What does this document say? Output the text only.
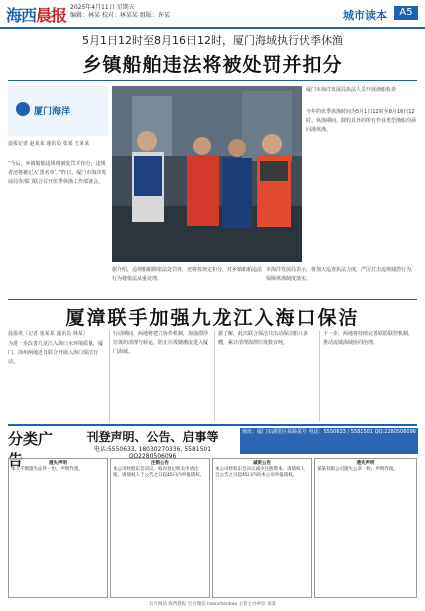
海西晨报 2025年4月11日 星期五
编辑：林某 校对：林某某 组版：许某	城市读本	A5
5月1日12时至8月16日12时，厦门海域执行伏季休渔
乡镇船舶违法将被处罚并扣分
厦门海洋
晨报记者 赵某某 通讯员 张某 王某某
“今后，乡镇船舶违规将被处罚并扣分，违规者还将被记入‘黑名单’。”昨日，厦门市海洋发展局等部门联合召开伏季休渔工作部署会。
厦门市海洋发展局执法人员开展渔船检查
今年的伏季休渔时间为5月1日12时至8月16日12时。休渔期间，除钓具外的所有作业类型渔船均须回港休渔。
据介绍，违规船舶除依法处罚外，还将按规定扣分，对乡镇船舶违法行为将依法从重处理。
市海洋发展局表示，将加大巡查执法力度，严厉打击违规捕捞行为，保障休渔制度落实。
厦漳联手加强九龙江入海口保洁
晨报讯（记者 张某某 通讯员 林某）
为进一步改善九龙江入海口水环境质量，厦门、漳州两地近日联合开展入海口保洁行动。
行动期间，两地将建立协作机制，加强漂浮垃圾的清理与转运，防止垃圾随潮流进入厦门海域。
据了解，此次联合保洁共出动保洁船只多艘，累计清理海漂垃圾数百吨。
下一步，两地将持续完善联防联控机制，推动流域海域协同治理。
分类广告
刊登声明、公告、启事等
电话:5550633, 18030270336, 5581501 QQ2280506096
地址：厦门市湖里区某路某号 电话：5550633 / 5581501 QQ:2280506096
遗失声明
本人不慎遗失证件一份，声明作废。
注销公告
本公司经股东会决议，拟向登记机关申请注销，请债权人于公告之日起45日内申报债权。
减资公告
本公司经股东会决议减少注册资本，请债权人自公告之日起45日内向本公司申报债权。
遗失声明
某某有限公司遗失公章一枚，声明作废。
官方网站 海西晨报 官方微信 haixichenbao 主管主办单位 某某
